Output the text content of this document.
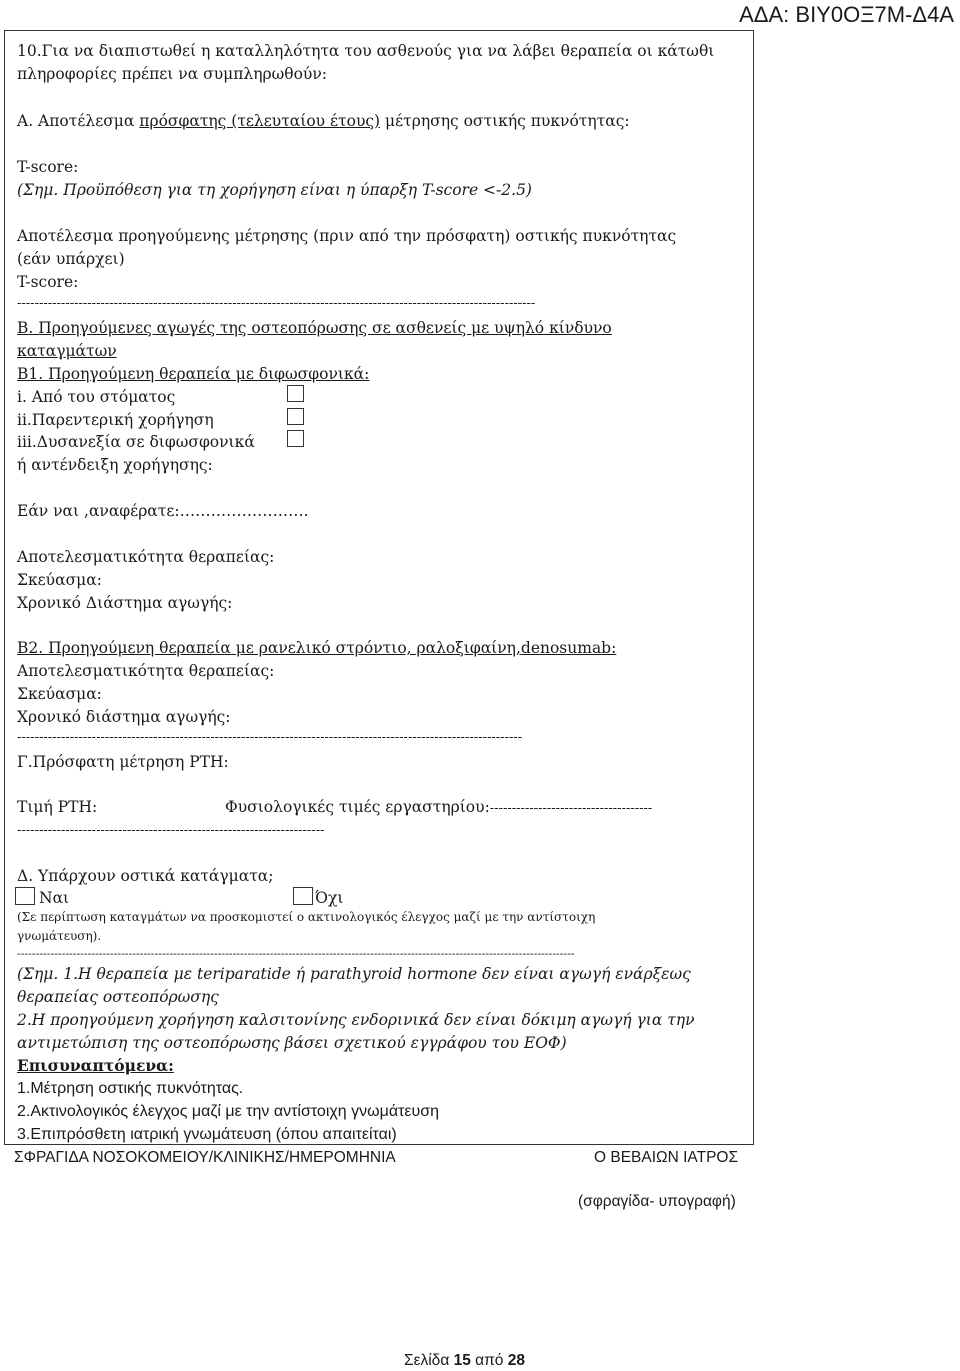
ΑΔΑ: ΒΙΥ0ΟΞ7Μ-Δ4Α
10.Για να διαπιστωθεί η καταλληλότητα του ασθενούς για να λάβει θεραπεία οι κάτωθι
πληροφορίες πρέπει να συμπληρωθούν:
Α. Αποτέλεσμα πρόσφατης (τελευταίου έτους) μέτρησης οστικής πυκνότητας:
T-score:
(Σημ. Προϋπόθεση για τη χορήγηση είναι η ύπαρξη T-score <-2.5)
Αποτέλεσμα προηγούμενης μέτρησης (πριν από την πρόσφατη) οστικής πυκνότητας
(εάν υπάρχει)
T-score:
----------------------------------------------------------------------------------------------------------------------
Β. Προηγούμενες αγωγές της οστεοπόρωσης σε ασθενείς με υψηλό κίνδυνο
καταγμάτων
Β1. Προηγούμενη θεραπεία με διφωσφονικά:
i. Από του στόματος
ii.Παρεντερική χορήγηση
iii.Δυσανεξία σε διφωσφονικά
ή αντένδειξη χορήγησης:
Εάν ναι ,αναφέρατε:…………………….
Αποτελεσματικότητα θεραπείας:
Σκεύασμα:
Χρονικό Διάστημα αγωγής:
Β2. Προηγούμενη θεραπεία με ρανελικό στρόντιο, ραλοξιφαίνη,denosumab:
Αποτελεσματικότητα θεραπείας:
Σκεύασμα:
Χρονικό διάστημα αγωγής:
-------------------------------------------------------------------------------------------------------------------
Γ.Πρόσφατη μέτρηση PTH:
Τιμή PTH:	Φυσιολογικές τιμές εργαστηρίου:-------------------------------------
----------------------------------------------------------------------
Δ. Υπάρχουν οστικά κατάγματα;
Ναι	Όχι
(Σε περίπτωση καταγμάτων να προσκομιστεί ο ακτινολογικός έλεγχος μαζί με την αντίστοιχη
γνωμάτευση).
------------------------------------------------------------------------------------------------------------------------------------------------------
(Σημ. 1.Η θεραπεία με teriparatide ή parathyroid hormone δεν είναι αγωγή ενάρξεως
θεραπείας οστεοπόρωσης
2.Η προηγούμενη χορήγηση καλσιτονίνης ενδορινικά δεν είναι δόκιμη αγωγή για την
αντιμετώπιση της οστεοπόρωσης βάσει σχετικού εγγράφου του ΕΟΦ)
Επισυναπτόμενα:
1.Μέτρηση οστικής πυκνότητας.
2.Ακτινολογικός έλεγχος μαζί με την αντίστοιχη γνωμάτευση
3.Επιπρόσθετη ιατρική γνωμάτευση (όπου απαιτείται)
ΣΦΡΑΓΙΔΑ ΝΟΣΟΚΟΜΕΙΟΥ/ΚΛΙΝΙΚΗΣ/ΗΜΕΡΟΜΗΝΙΑ	Ο ΒΕΒΑΙΩΝ ΙΑΤΡΟΣ
(σφραγίδα- υπογραφή)
Σελίδα 15 από 28
